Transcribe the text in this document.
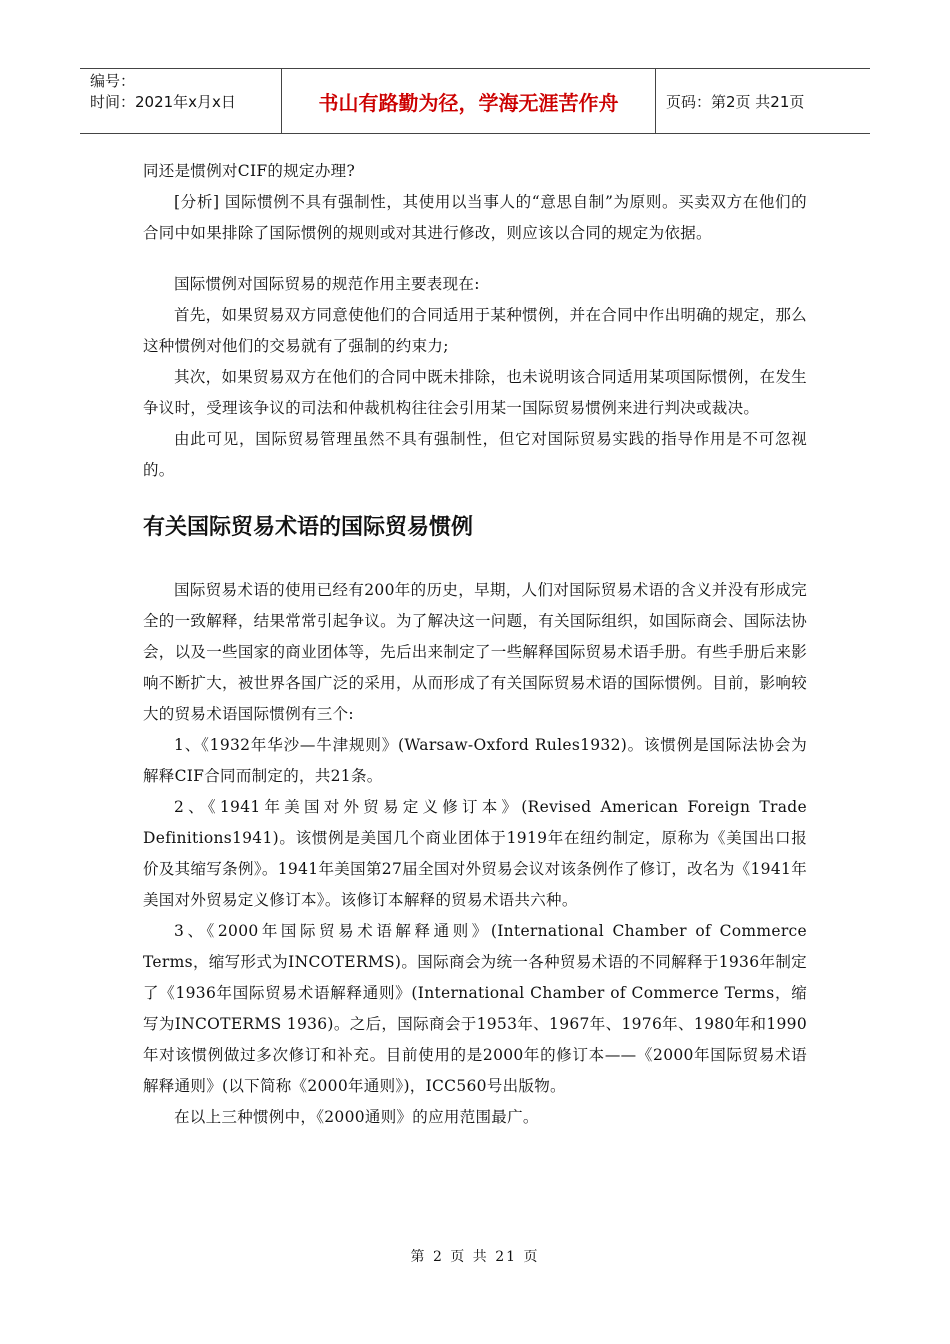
编号：
时间：2021年x月x日	书山有路勤为径，学海无涯苦作舟	页码：第2页 共21页

同还是惯例对CIF的规定办理?

[分析] 国际惯例不具有强制性，其使用以当事人的“意思自制”为原则。买卖双方在他们的合同中如果排除了国际惯例的规则或对其进行修改，则应该以合同的规定为依据。

国际惯例对国际贸易的规范作用主要表现在:

首先，如果贸易双方同意使他们的合同适用于某种惯例，并在合同中作出明确的规定，那么这种惯例对他们的交易就有了强制的约束力;

其次，如果贸易双方在他们的合同中既未排除，也未说明该合同适用某项国际惯例，在发生争议时，受理该争议的司法和仲裁机构往往会引用某一国际贸易惯例来进行判决或裁决。

由此可见，国际贸易管理虽然不具有强制性，但它对国际贸易实践的指导作用是不可忽视的。

有关国际贸易术语的国际贸易惯例

国际贸易术语的使用已经有200年的历史，早期，人们对国际贸易术语的含义并没有形成完全的一致解释，结果常常引起争议。为了解决这一问题，有关国际组织，如国际商会、国际法协会，以及一些国家的商业团体等，先后出来制定了一些解释国际贸易术语手册。有些手册后来影响不断扩大，被世界各国广泛的采用，从而形成了有关国际贸易术语的国际惯例。目前，影响较大的贸易术语国际惯例有三个:

1、《1932年华沙—牛津规则》(Warsaw-Oxford Rules1932)。该惯例是国际法协会为解释CIF合同而制定的，共21条。

2、《1941年美国对外贸易定义修订本》(Revised American Foreign Trade Definitions1941)。该惯例是美国几个商业团体于1919年在纽约制定，原称为《美国出口报价及其缩写条例》。1941年美国第27届全国对外贸易会议对该条例作了修订，改名为《1941年美国对外贸易定义修订本》。该修订本解释的贸易术语共六种。

3、《2000年国际贸易术语解释通则》(International Chamber of Commerce Terms，缩写形式为INCOTERMS)。国际商会为统一各种贸易术语的不同解释于1936年制定了《1936年国际贸易术语解释通则》(International Chamber of Commerce Terms，缩写为INCOTERMS 1936)。之后，国际商会于1953年、1967年、1976年、1980年和1990年对该惯例做过多次修订和补充。目前使用的是2000年的修订本——《2000年国际贸易术语解释通则》(以下简称《2000年通则》)，ICC560号出版物。

在以上三种惯例中，《2000通则》的应用范围最广。

第 2 页 共 21 页
